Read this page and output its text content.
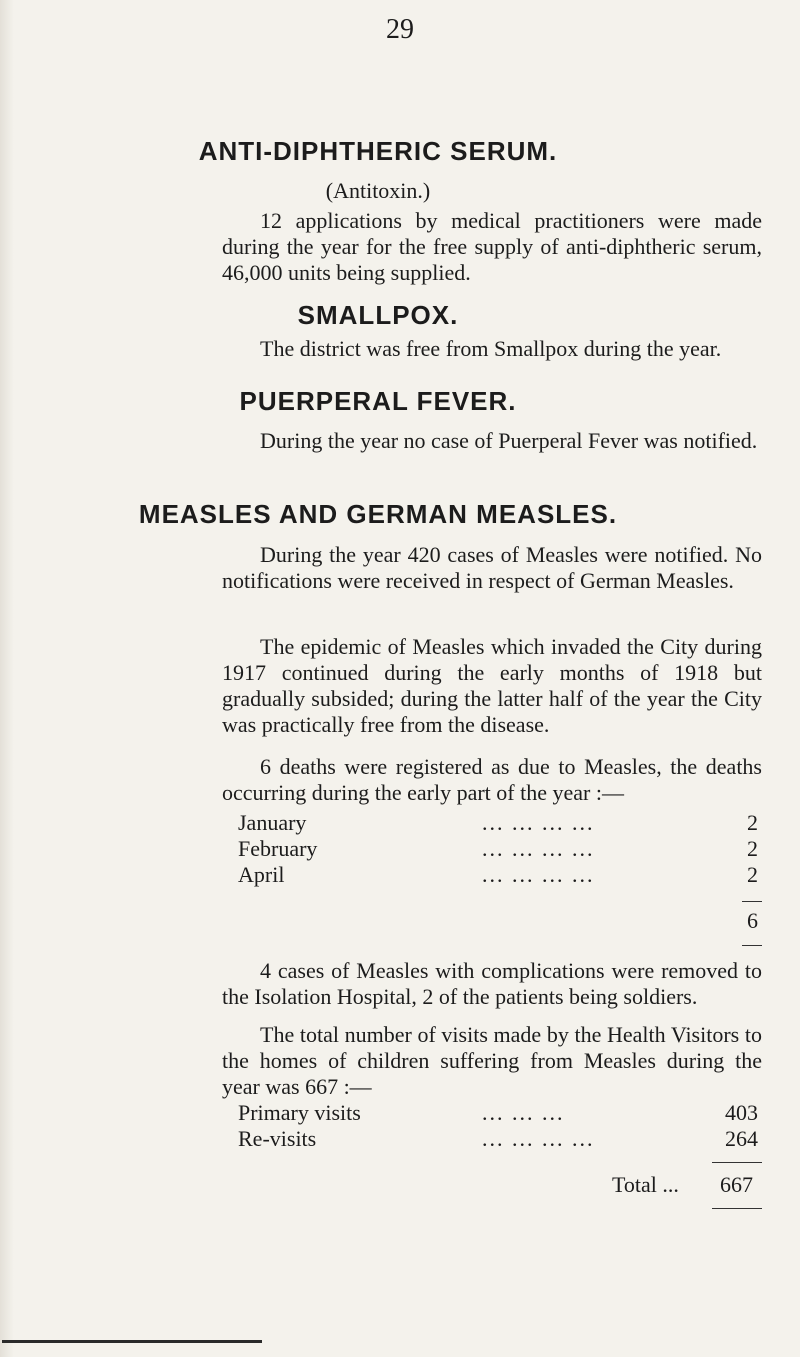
29
ANTI-DIPHTHERIC SERUM.
(Antitoxin.)
12 applications by medical practitioners were made during the year for the free supply of anti-diphtheric serum, 46,000 units being supplied.
SMALLPOX.
The district was free from Smallpox during the year.
PUERPERAL FEVER.
During the year no case of Puerperal Fever was notified.
MEASLES AND GERMAN MEASLES.
During the year 420 cases of Measles were notified. No notifications were received in respect of German Measles.
The epidemic of Measles which invaded the City during 1917 continued during the early months of 1918 but gradually subsided; during the latter half of the year the City was practically free from the disease.
6 deaths were registered as due to Measles, the deaths occurring during the early part of the year :—
January	... ... ... ...	2
February	... ... ... ...	2
April	... ... ... ...	2
6
4 cases of Measles with complications were removed to the Isolation Hospital, 2 of the patients being soldiers.
The total number of visits made by the Health Visitors to the homes of children suffering from Measles during the year was 667 :—
Primary visits	... ... ...	403
Re-visits	... ... ... ...	264
Total ... 667
